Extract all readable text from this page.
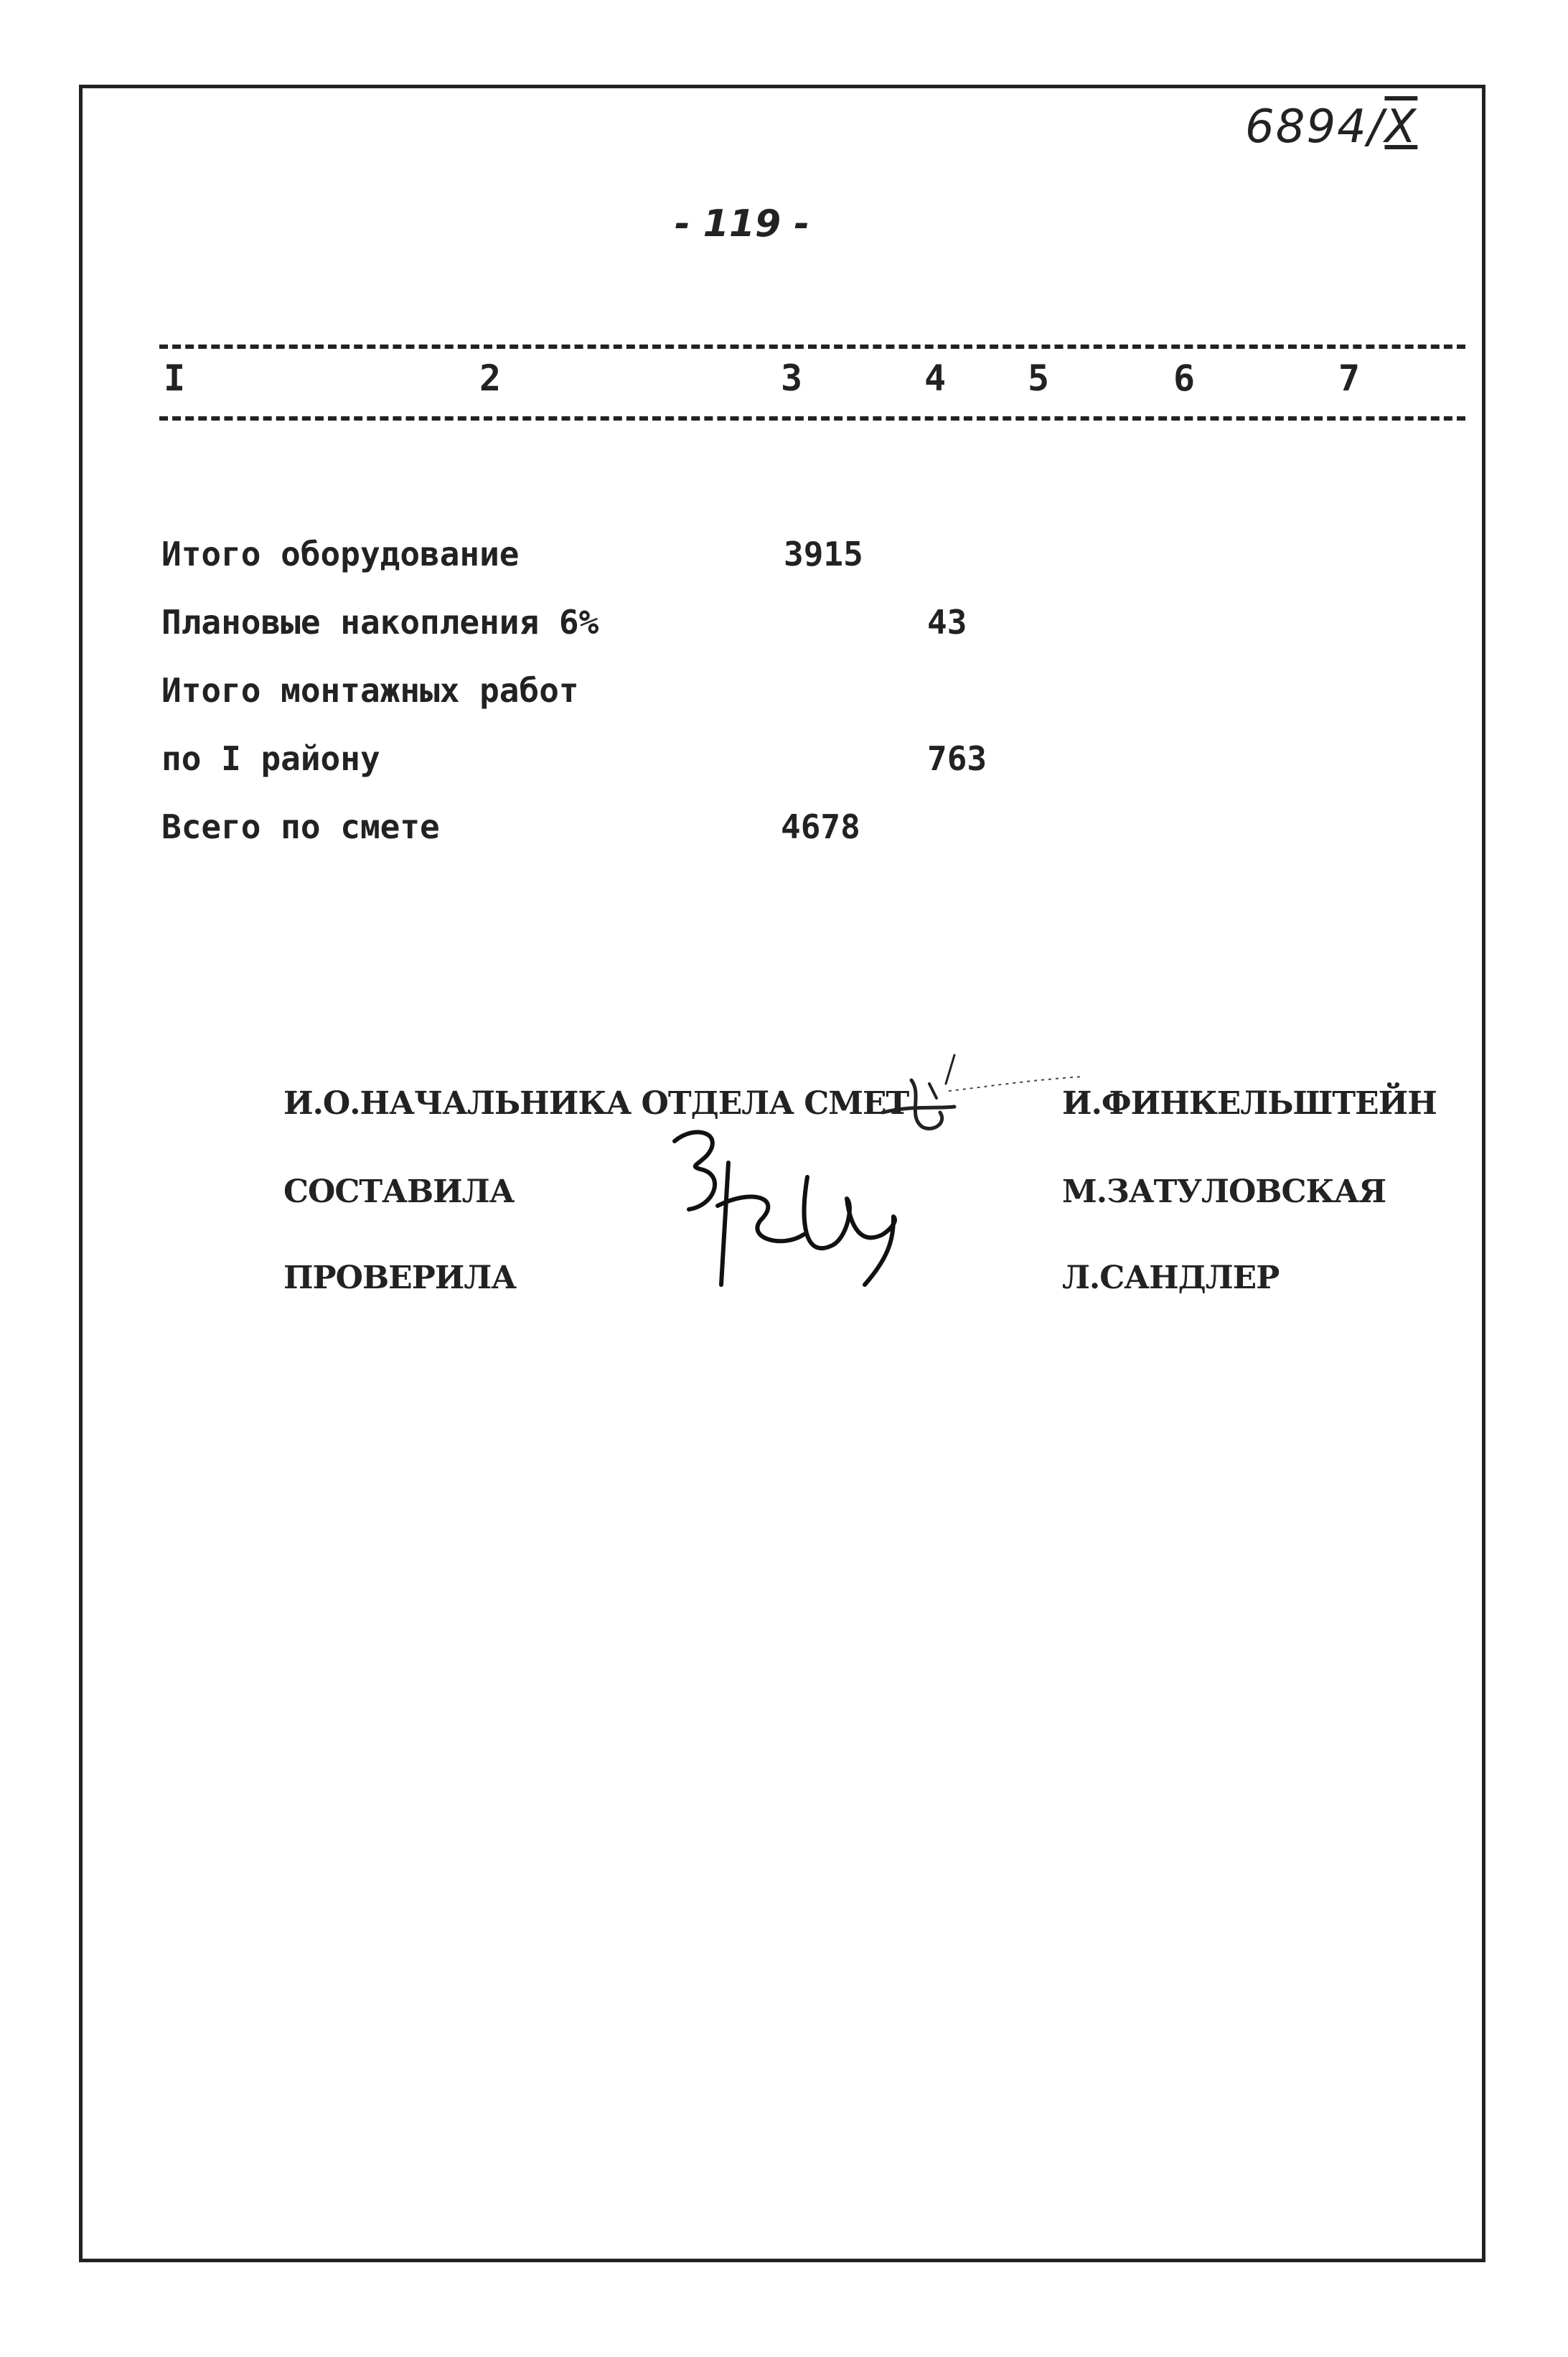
6894/X
- 119 -
I	2	3	4 5	6	7
Итого оборудование	3915
Плановые накопления 6%	43
Итого монтажных работ
по I району	763
Всего по смете	4678
И.О.НАЧАЛЬНИКА ОТДЕЛА СМЕТ	И.ФИНКЕЛЬШТЕЙН
СОСТАВИЛА	М.ЗАТУЛОВСКАЯ
ПРОВЕРИЛА	Л.САНДЛЕР
